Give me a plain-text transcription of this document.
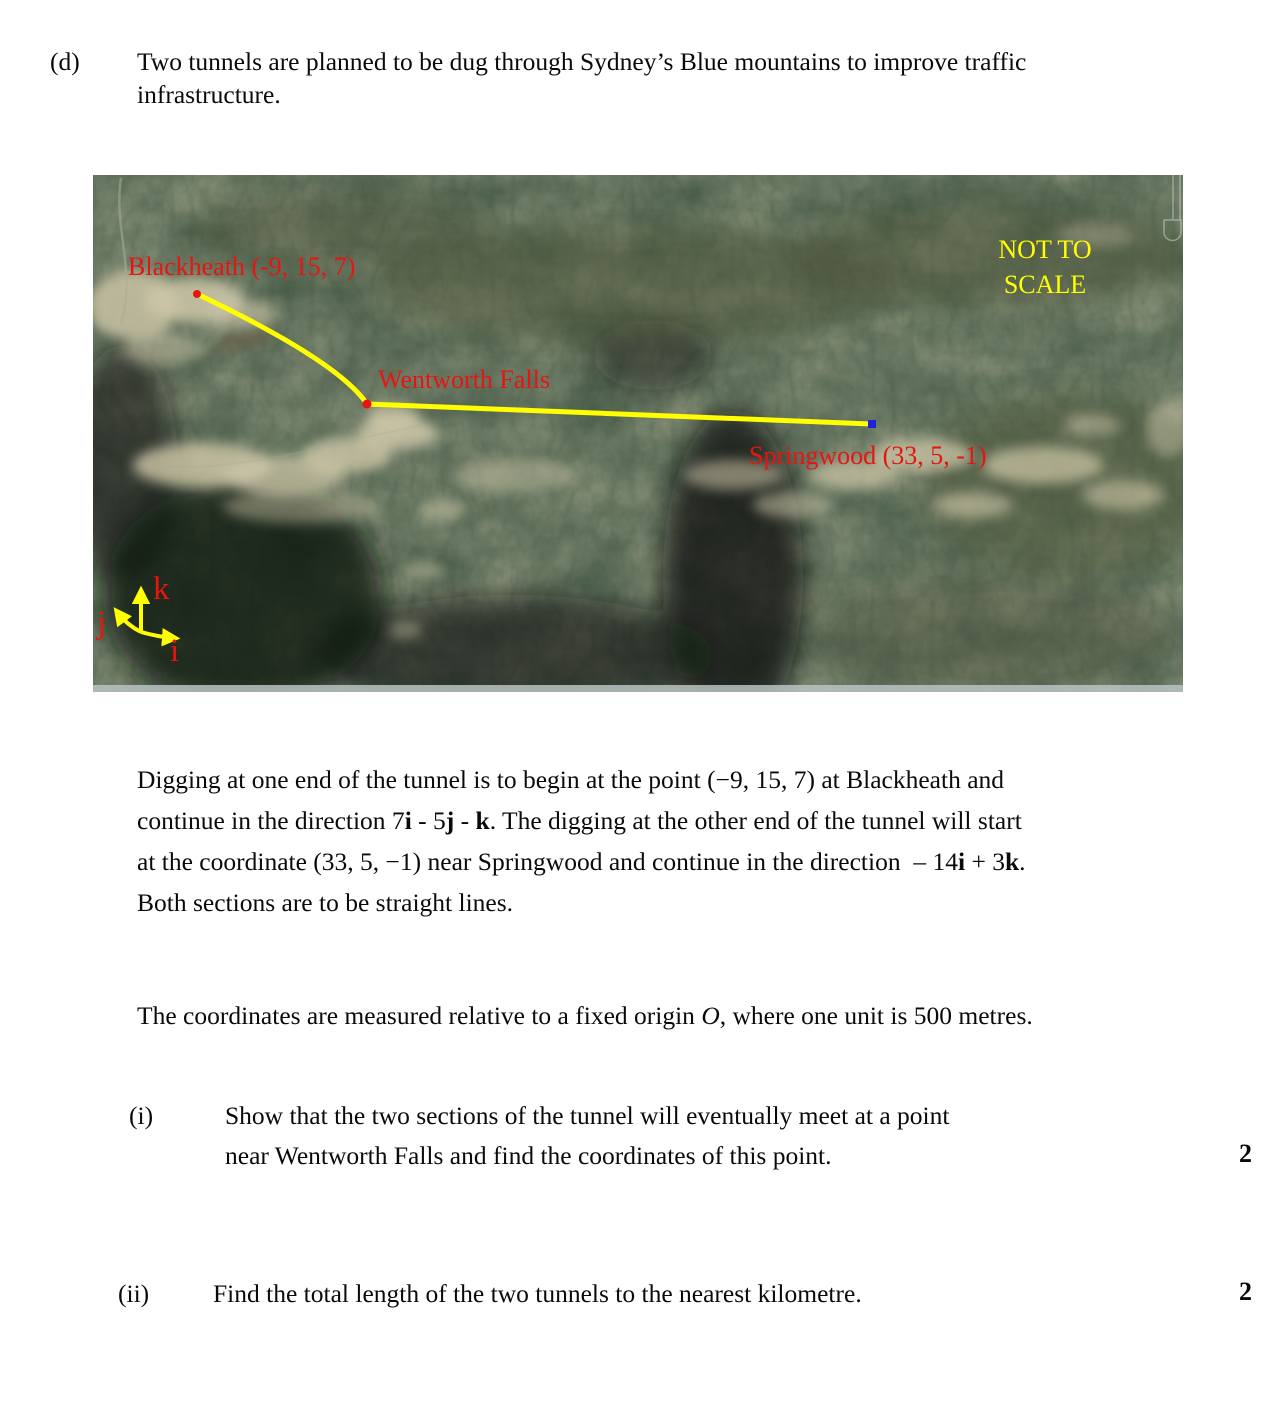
(d) Two tunnels are planned to be dug through Sydney’s Blue mountains to improve traffic
infrastructure.
Blackheath (-9, 15, 7)
Wentworth Falls
Springwood (33, 5, -1)
NOT TO
SCALE
k
j
i
Digging at one end of the tunnel is to begin at the point (−9, 15, 7) at Blackheath and
continue in the direction 7i - 5j - k. The digging at the other end of the tunnel will start
at the coordinate (33, 5, −1) near Springwood and continue in the direction  – 14i + 3k.
Both sections are to be straight lines.
The coordinates are measured relative to a fixed origin O, where one unit is 500 metres.
(i)	Show that the two sections of the tunnel will eventually meet at a point
near Wentworth Falls and find the coordinates of this point.	2
(ii)	Find the total length of the two tunnels to the nearest kilometre.	2
